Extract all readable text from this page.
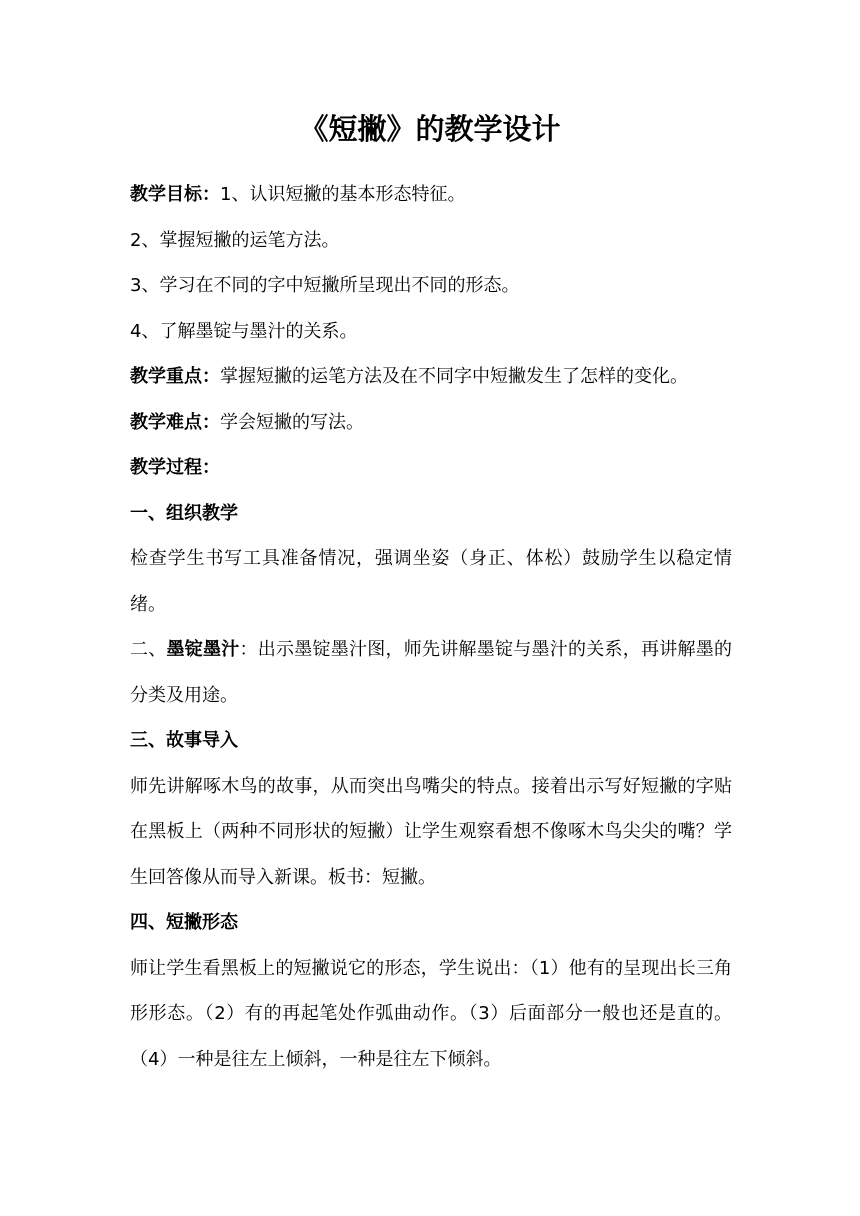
《短撇》的教学设计

教学目标：1、认识短撇的基本形态特征。

2、掌握短撇的运笔方法。

3、学习在不同的字中短撇所呈现出不同的形态。

4、了解墨锭与墨汁的关系。

教学重点：掌握短撇的运笔方法及在不同字中短撇发生了怎样的变化。

教学难点：学会短撇的写法。

教学过程：

一、组织教学

检查学生书写工具准备情况，强调坐姿（身正、体松）鼓励学生以稳定情绪。

二、墨锭墨汁：出示墨锭墨汁图，师先讲解墨锭与墨汁的关系，再讲解墨的分类及用途。

三、故事导入

师先讲解啄木鸟的故事，从而突出鸟嘴尖的特点。接着出示写好短撇的字贴在黑板上（两种不同形状的短撇）让学生观察看想不像啄木鸟尖尖的嘴？学生回答像从而导入新课。板书：短撇。

四、短撇形态

师让学生看黑板上的短撇说它的形态，学生说出：（1）他有的呈现出长三角形形态。（2）有的再起笔处作弧曲动作。（3）后面部分一般也还是直的。（4）一种是往左上倾斜，一种是往左下倾斜。
